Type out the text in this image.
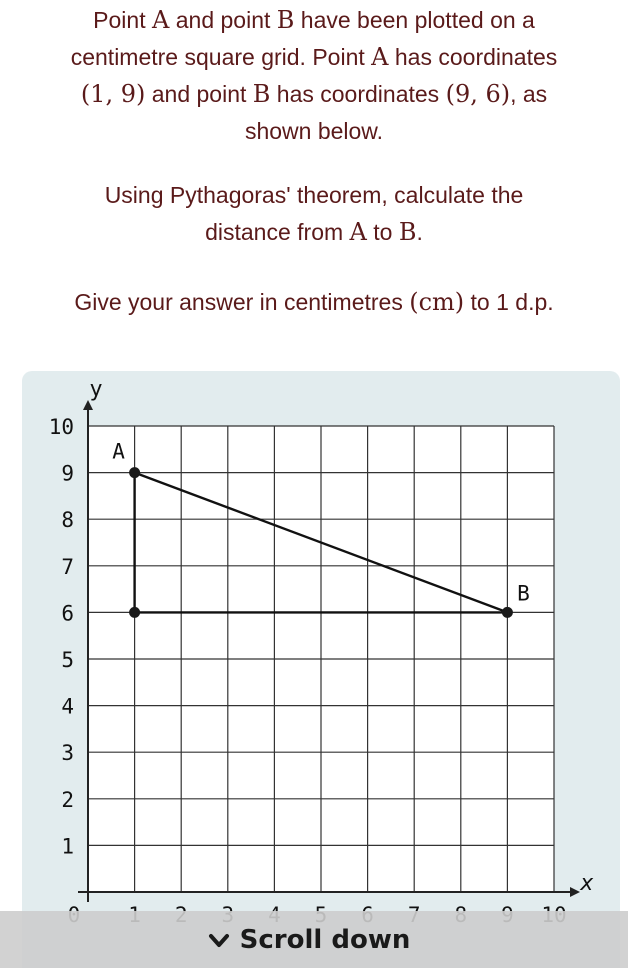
Point A and point B have been plotted on a

centimetre square grid. Point A has coordinates

(1, 9) and point B has coordinates (9, 6), as

shown below.

Using Pythagoras' theorem, calculate the

distance from A to B.

Give your answer in centimetres (cm) to 1 d.p.

x
y
1
2
3
4
5
6
7
8
9
10
A
B
Scroll down
